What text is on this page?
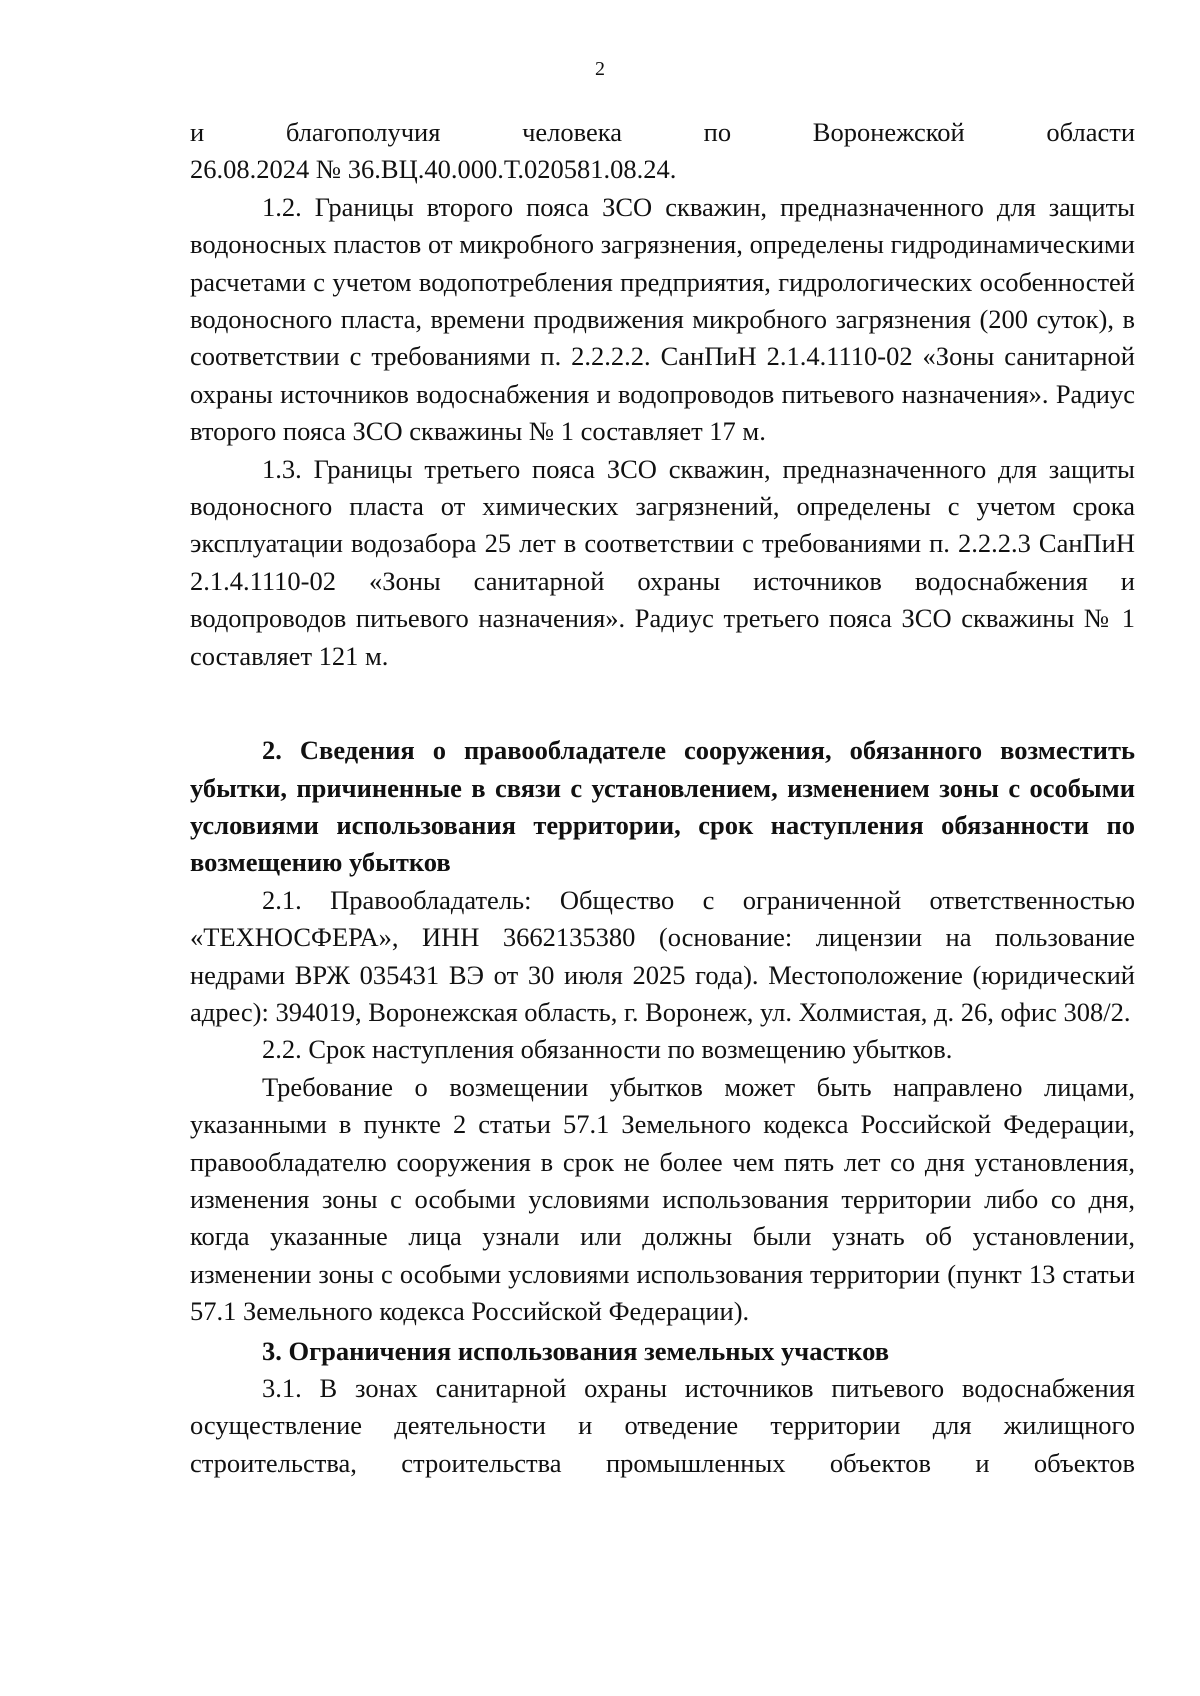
2

и благополучия человека по Воронежской области

26.08.2024 № 36.ВЦ.40.000.Т.020581.08.24.

1.2. Границы второго пояса ЗСО скважин, предназначенного для защиты водоносных пластов от микробного загрязнения, определены гидродинамическими расчетами с учетом водопотребления предприятия, гидрологических особенностей водоносного пласта, времени продвижения микробного загрязнения (200 суток), в соответствии с требованиями п. 2.2.2.2. СанПиН 2.1.4.1110-02 «Зоны санитарной охраны источников водоснабжения и водопроводов питьевого назначения». Радиус второго пояса ЗСО скважины № 1 составляет 17 м.

1.3. Границы третьего пояса ЗСО скважин, предназначенного для защиты водоносного пласта от химических загрязнений, определены с учетом срока эксплуатации водозабора 25 лет в соответствии с требованиями п. 2.2.2.3 СанПиН 2.1.4.1110-02 «Зоны санитарной охраны источников водоснабжения и водопроводов питьевого назначения». Радиус третьего пояса ЗСО скважины № 1 составляет 121 м.

2. Сведения о правообладателе сооружения, обязанного возместить убытки, причиненные в связи с установлением, изменением зоны с особыми условиями использования территории, срок наступления обязанности по возмещению убытков

2.1. Правообладатель: Общество с ограниченной ответственностью «ТЕХНОСФЕРА», ИНН 3662135380 (основание: лицензии на пользование недрами ВРЖ 035431 ВЭ от 30 июля 2025 года). Местоположение (юридический адрес): 394019, Воронежская область, г. Воронеж, ул. Холмистая, д. 26, офис 308/2.

2.2. Срок наступления обязанности по возмещению убытков.

Требование о возмещении убытков может быть направлено лицами, указанными в пункте 2 статьи 57.1 Земельного кодекса Российской Федерации, правообладателю сооружения в срок не более чем пять лет со дня установления, изменения зоны с особыми условиями использования территории либо со дня, когда указанные лица узнали или должны были узнать об установлении, изменении зоны с особыми условиями использования территории (пункт 13 статьи 57.1 Земельного кодекса Российской Федерации).

3. Ограничения использования земельных участков

3.1. В зонах санитарной охраны источников питьевого водоснабжения осуществление деятельности и отведение территории для жилищного строительства, строительства промышленных объектов и объектов
